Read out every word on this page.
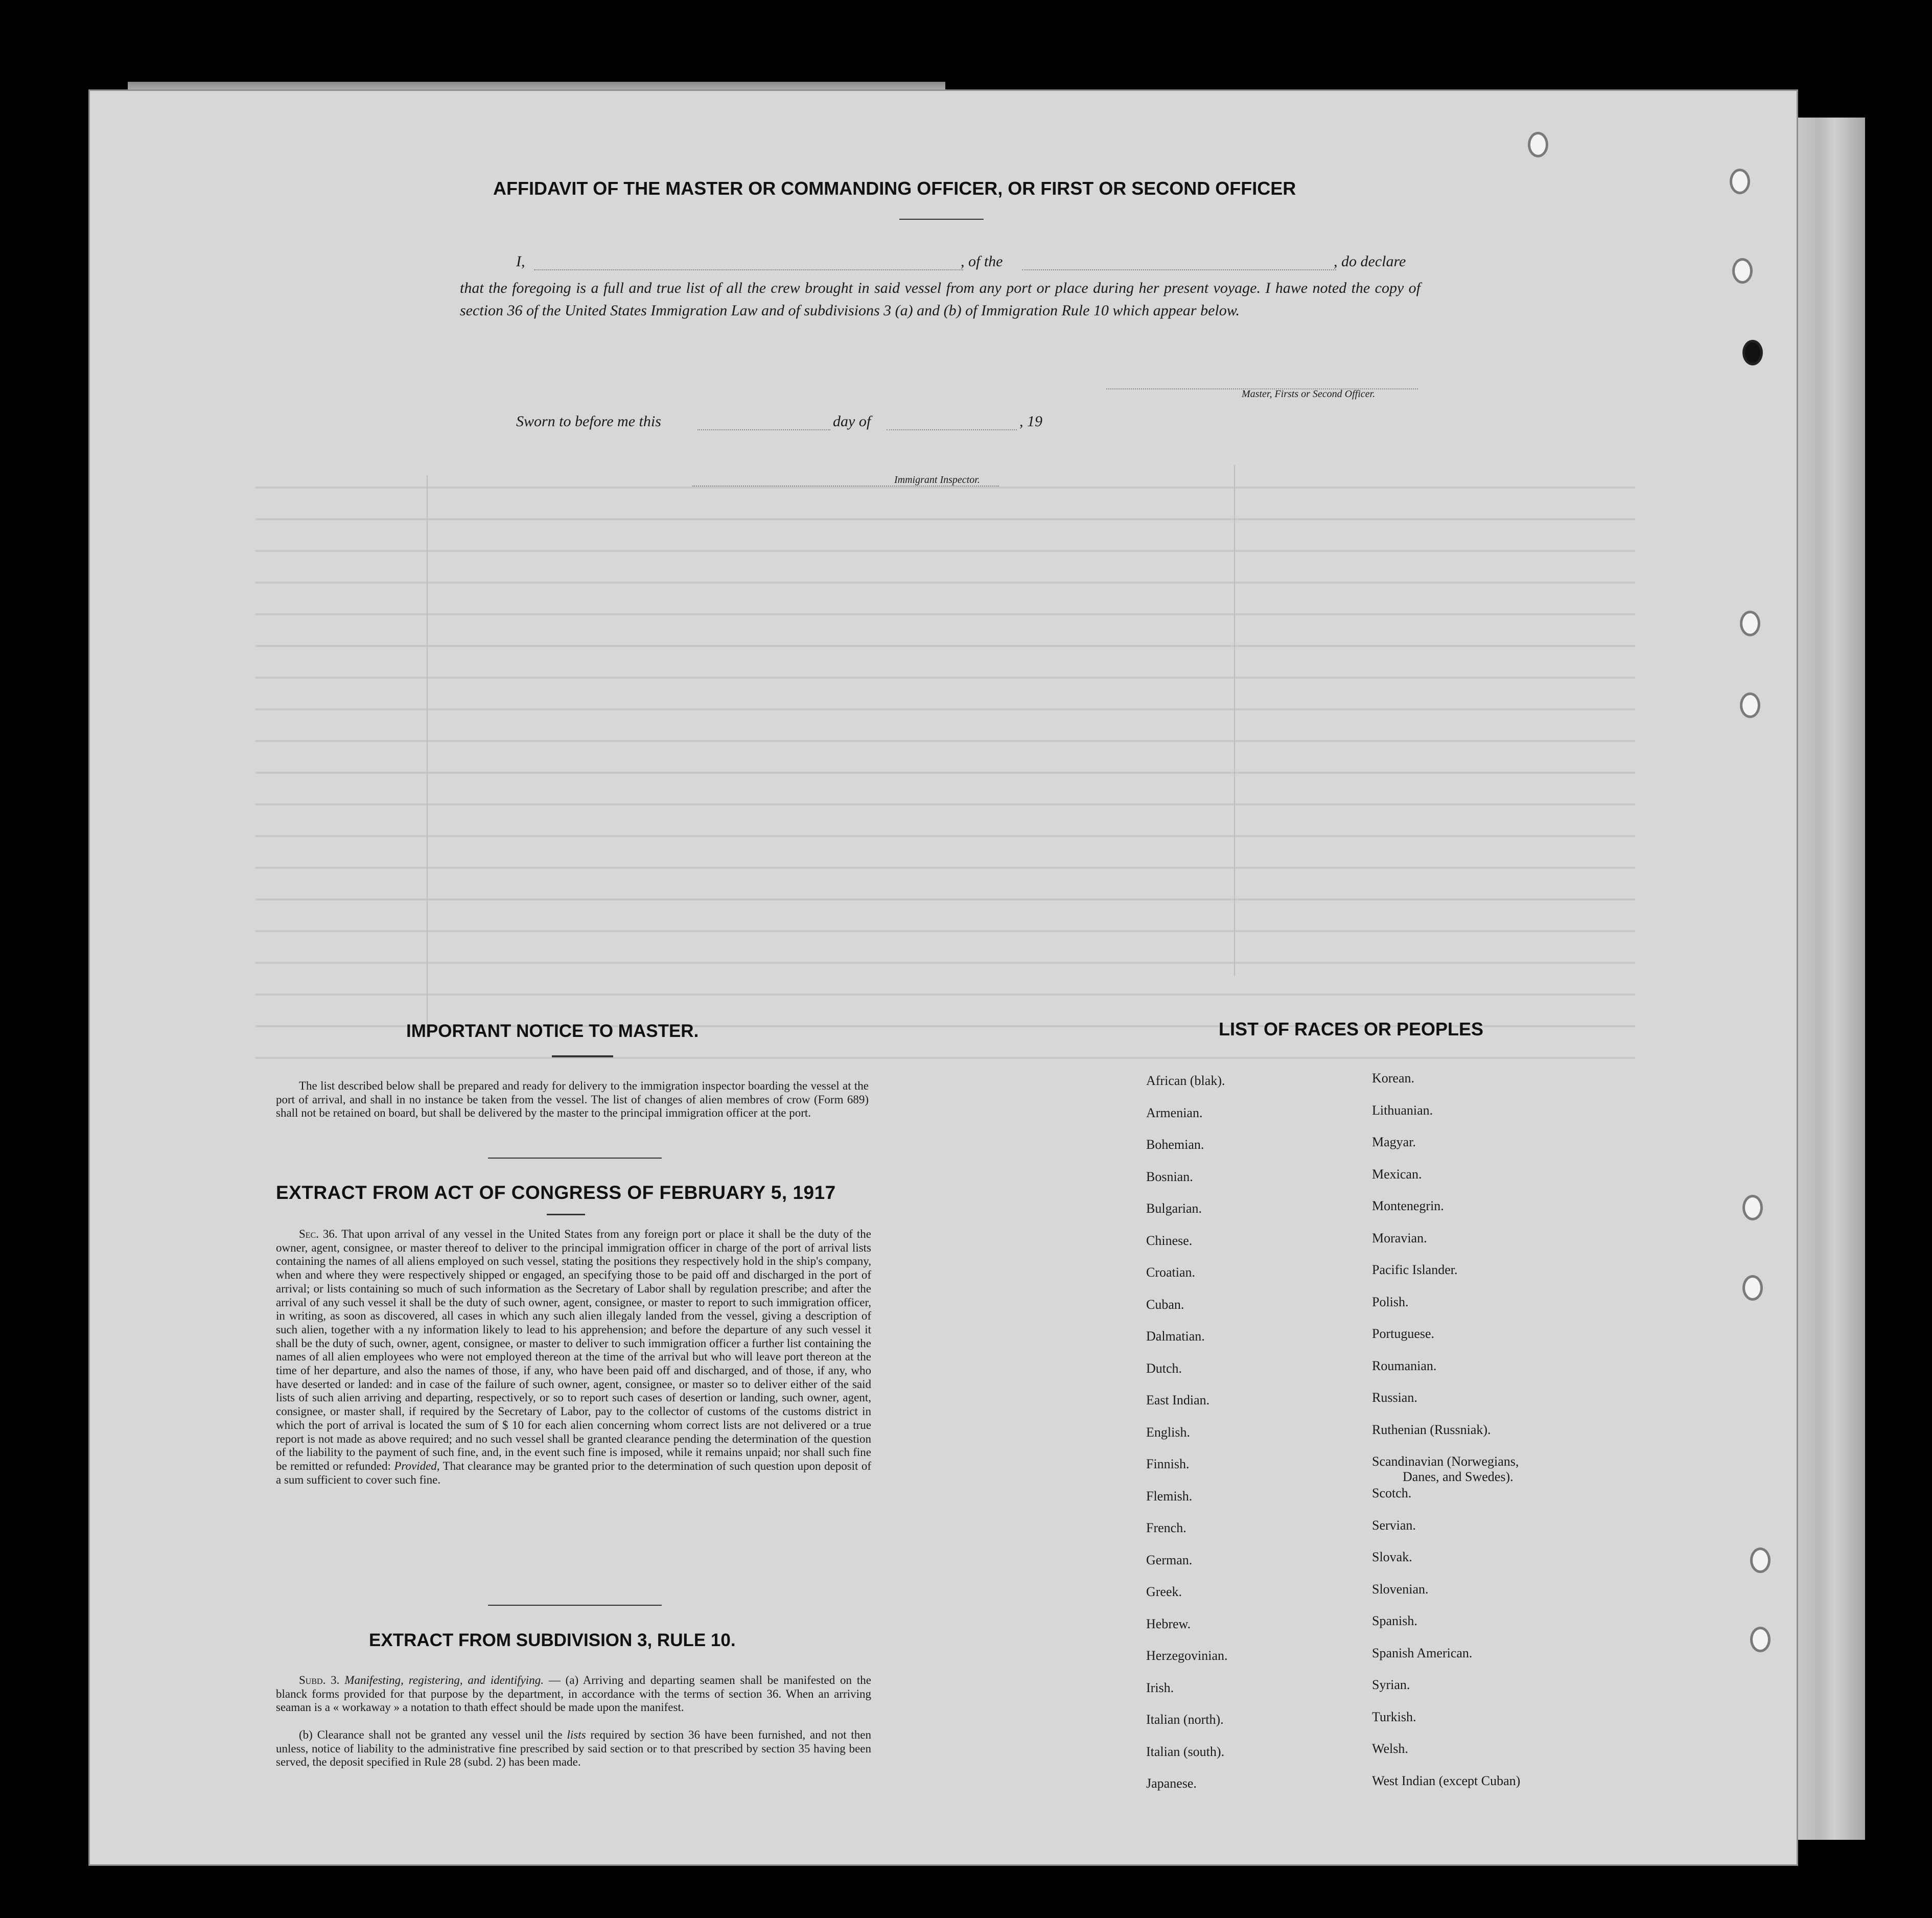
AFFIDAVIT OF THE MASTER OR COMMANDING OFFICER, OR FIRST OR SECOND OFFICER
I,	, of the	, do declare
that the foregoing is a full and true list of all the crew brought in said vessel from any port or place during her present voyage. I hawe noted the copy of section 36 of the United States Immigration Law and of subdivisions 3 (a) and (b) of Immigration Rule 10 which appear below.
Master, Firsts or Second Officer.
Sworn to before me this	day of	, 19
Immigrant Inspector.
IMPORTANT NOTICE TO MASTER.
The list described below shall be prepared and ready for delivery to the immigration inspector boarding the vessel at the port of arrival, and shall in no instance be taken from the vessel. The list of changes of alien membres of crow (Form 689) shall not be retained on board, but shall be delivered by the master to the principal immigration officer at the port.
EXTRACT FROM ACT OF CONGRESS OF FEBRUARY 5, 1917
Sec. 36. That upon arrival of any vessel in the United States from any foreign port or place it shall be the duty of the owner, agent, consignee, or master thereof to deliver to the principal immigration officer in charge of the port of arrival lists containing the names of all aliens employed on such vessel, stating the positions they respectively hold in the ship's company, when and where they were respectively shipped or engaged, an specifying those to be paid off and discharged in the port of arrival; or lists containing so much of such information as the Secretary of Labor shall by regulation prescribe; and after the arrival of any such vessel it shall be the duty of such owner, agent, consignee, or master to report to such immigration officer, in writing, as soon as discovered, all cases in which any such alien illegaly landed from the vessel, giving a description of such alien, together with a ny information likely to lead to his apprehension; and before the departure of any such vessel it shall be the duty of such, owner, agent, consignee, or master to deliver to such immigration officer a further list containing the names of all alien employees who were not employed thereon at the time of the arrival but who will leave port thereon at the time of her departure, and also the names of those, if any, who have been paid off and discharged, and of those, if any, who have deserted or landed: and in case of the failure of such owner, agent, consignee, or master so to deliver either of the said lists of such alien arriving and departing, respectively, or so to report such cases of desertion or landing, such owner, agent, consignee, or master shall, if required by the Secretary of Labor, pay to the collector of customs of the customs district in which the port of arrival is located the sum of $ 10 for each alien concerning whom correct lists are not delivered or a true report is not made as above required; and no such vessel shall be granted clearance pending the determination of the question of the liability to the payment of such fine, and, in the event such fine is imposed, while it remains unpaid; nor shall such fine be remitted or refunded: Provided, That clearance may be granted prior to the determination of such question upon deposit of a sum sufficient to cover such fine.
EXTRACT FROM SUBDIVISION 3, RULE 10.
Subd. 3. Manifesting, registering, and identifying. — (a) Arriving and departing seamen shall be manifested on the blanck forms provided for that purpose by the department, in accordance with the terms of section 36. When an arriving seaman is a « workaway » a notation to thath effect should be made upon the manifest.
(b) Clearance shall not be granted any vessel unil the lists required by section 36 have been furnished, and not then unless, notice of liability to the administrative fine prescribed by said section or to that prescribed by section 35 having been served, the deposit specified in Rule 28 (subd. 2) has been made.
LIST OF RACES OR PEOPLES
African (blak).
Armenian.
Bohemian.
Bosnian.
Bulgarian.
Chinese.
Croatian.
Cuban.
Dalmatian.
Dutch.
East Indian.
English.
Finnish.
Flemish.
French.
German.
Greek.
Hebrew.
Herzegovinian.
Irish.
Italian (north).
Italian (south).
Japanese.
Korean.
Lithuanian.
Magyar.
Mexican.
Montenegrin.
Moravian.
Pacific Islander.
Polish.
Portuguese.
Roumanian.
Russian.
Ruthenian (Russniak).
Scandinavian (Norwegians,
Danes, and Swedes).
Scotch.
Servian.
Slovak.
Slovenian.
Spanish.
Spanish American.
Syrian.
Turkish.
Welsh.
West Indian (except Cuban)
